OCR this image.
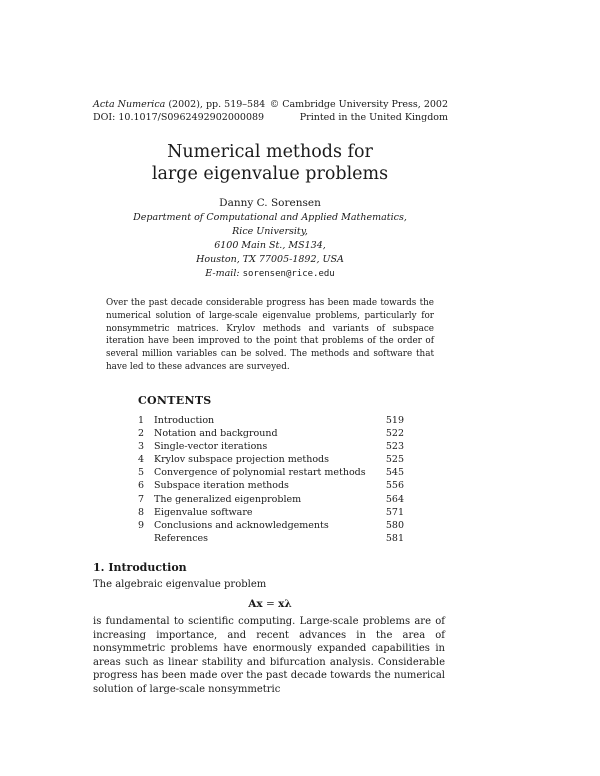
Acta Numerica (2002), pp. 519–584
DOI: 10.1017/S0962492902000089
© Cambridge University Press, 2002
Printed in the United Kingdom
Numerical methods for
large eigenvalue problems
Danny C. Sorensen
Department of Computational and Applied Mathematics,
Rice University,
6100 Main St., MS134,
Houston, TX 77005-1892, USA
E-mail: sorensen@rice.edu
Over the past decade considerable progress has been made towards the numerical solution of large-scale eigenvalue problems, particularly for nonsymmetric matrices. Krylov methods and variants of subspace iteration have been improved to the point that problems of the order of several million variables can be solved. The methods and software that have led to these advances are surveyed.
CONTENTS
1	Introduction	519
2	Notation and background	522
3	Single-vector iterations	523
4	Krylov subspace projection methods	525
5	Convergence of polynomial restart methods	545
6	Subspace iteration methods	556
7	The generalized eigenproblem	564
8	Eigenvalue software	571
9	Conclusions and acknowledgements	580
References	581
1. Introduction
The algebraic eigenvalue problem
Ax = xλ
is fundamental to scientific computing. Large-scale problems are of increasing importance, and recent advances in the area of nonsymmetric problems have enormously expanded capabilities in areas such as linear stability and bifurcation analysis. Considerable progress has been made over the past decade towards the numerical solution of large-scale nonsymmetric
